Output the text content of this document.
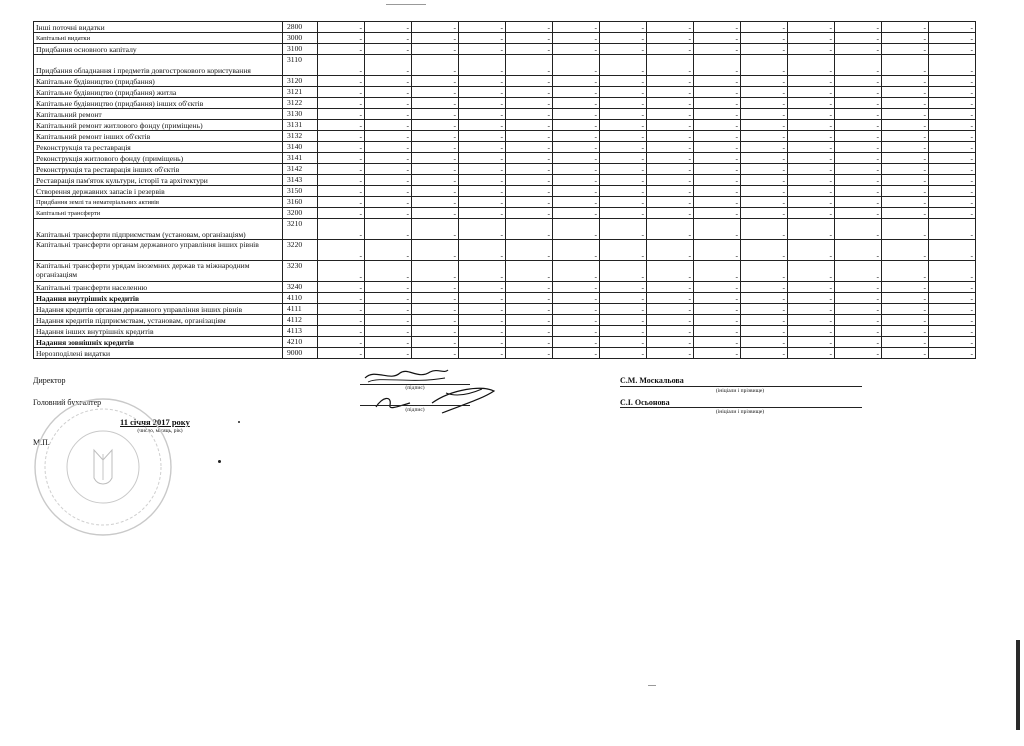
Інші поточні видатки	2800	-	-	-	-	-	-	-	-	-	-	-	-	-	-
Капітальні видатки	3000	-	-	-	-	-	-	-	-	-	-	-	-	-	-
Придбання основного капіталу	3100	-	-	-	-	-	-	-	-	-	-	-	-	-	-
Придбання обладнання і предметів довгострокового користування	3110	-	-	-	-	-	-	-	-	-	-	-	-	-	-
Капітальне будівництво (придбання)	3120	-	-	-	-	-	-	-	-	-	-	-	-	-	-
Капітальне будівництво (придбання) житла	3121	-	-	-	-	-	-	-	-	-	-	-	-	-	-
Капітальне будівництво (придбання) інших об'єктів	3122	-	-	-	-	-	-	-	-	-	-	-	-	-	-
Капітальний ремонт	3130	-	-	-	-	-	-	-	-	-	-	-	-	-	-
Капітальний ремонт житлового фонду (приміщень)	3131	-	-	-	-	-	-	-	-	-	-	-	-	-	-
Капітальний ремонт інших об'єктів	3132	-	-	-	-	-	-	-	-	-	-	-	-	-	-
Реконструкція та реставрація	3140	-	-	-	-	-	-	-	-	-	-	-	-	-	-
Реконструкція житлового фонду (приміщень)	3141	-	-	-	-	-	-	-	-	-	-	-	-	-	-
Реконструкція та реставрація інших об'єктів	3142	-	-	-	-	-	-	-	-	-	-	-	-	-	-
Реставрація пам'яток культури, історії та архітектури	3143	-	-	-	-	-	-	-	-	-	-	-	-	-	-
Створення державних запасів і резервів	3150	-	-	-	-	-	-	-	-	-	-	-	-	-	-
Придбання землі та нематеріальних активів	3160	-	-	-	-	-	-	-	-	-	-	-	-	-	-
Капітальні трансферти	3200	-	-	-	-	-	-	-	-	-	-	-	-	-	-
Капітальні трансферти підприємствам (установам, організаціям)	3210	-	-	-	-	-	-	-	-	-	-	-	-	-	-
Капітальні трансферти органам державного управління інших рівнів	3220	-	-	-	-	-	-	-	-	-	-	-	-	-	-
Капітальні трансферти урядам іноземних держав та міжнародним організаціям	3230	-	-	-	-	-	-	-	-	-	-	-	-	-	-
Капітальні трансферти населенню	3240	-	-	-	-	-	-	-	-	-	-	-	-	-	-
Надання внутрішніх кредитів	4110	-	-	-	-	-	-	-	-	-	-	-	-	-	-
Надання кредитів органам державного управління інших рівнів	4111	-	-	-	-	-	-	-	-	-	-	-	-	-	-
Надання кредитів підприємствам, установам, організаціям	4112	-	-	-	-	-	-	-	-	-	-	-	-	-	-
Надання інших внутрішніх кредитів	4113	-	-	-	-	-	-	-	-	-	-	-	-	-	-
Надання зовнішніх кредитів	4210	-	-	-	-	-	-	-	-	-	-	-	-	-	-
Нерозподілені видатки	9000	-	-	-	-	-	-	-	-	-	-	-	-	-	-
Директор
(підпис)
С.М. Москальова
(ініціали і прізвище)
Головний бухгалтер
(підпис)
С.І. Осьонова
(ініціали і прізвище)
11 січня 2017 року
(число, місяць, рік)
М.П.
